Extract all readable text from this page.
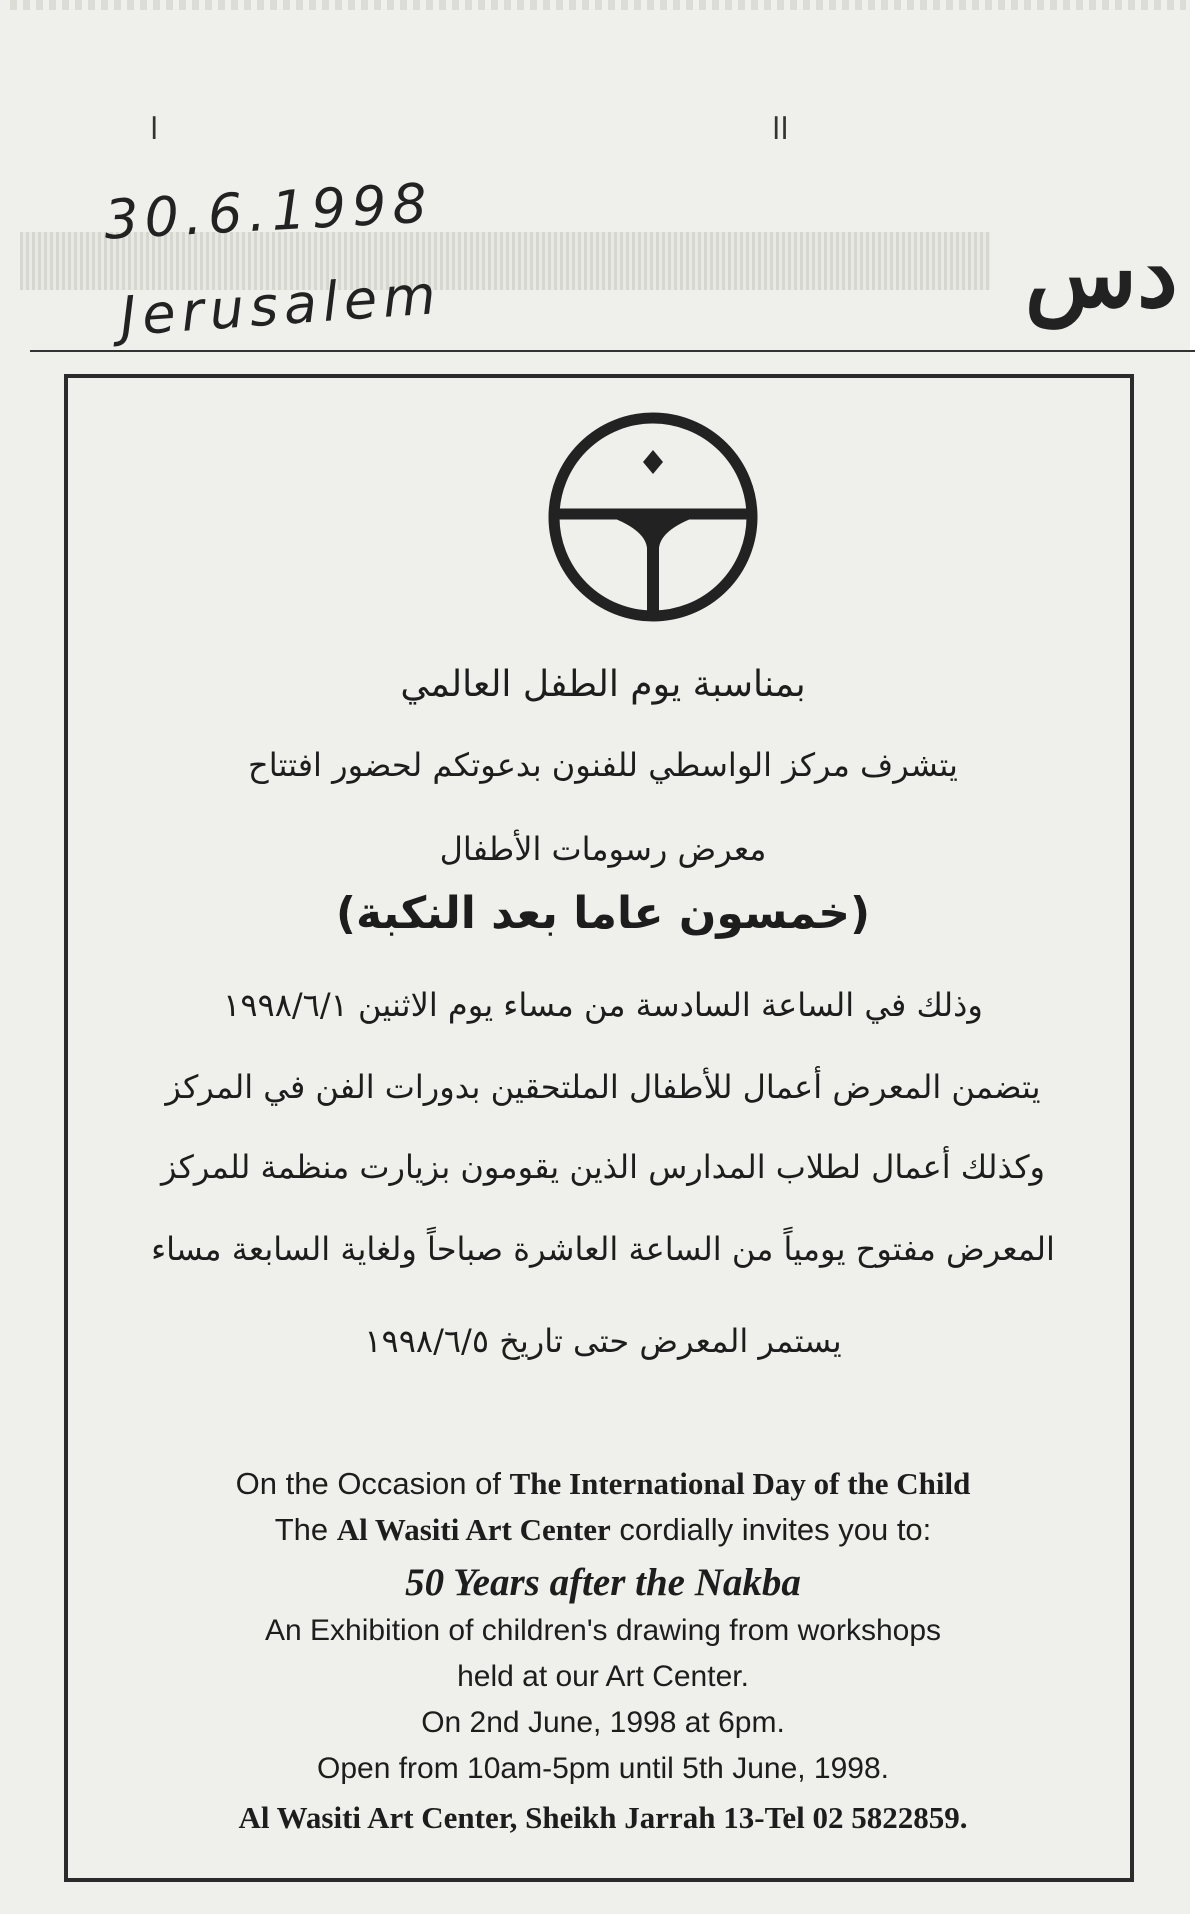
دس
ا	اا
30.6.1998
Jerusalem
بمناسبة يوم الطفل العالمي
يتشرف مركز الواسطي للفنون بدعوتكم لحضور افتتاح
معرض رسومات الأطفال
(خمسون عاما بعد النكبة)
وذلك في الساعة السادسة من مساء يوم الاثنين ١٩٩٨/٦/١
يتضمن المعرض أعمال للأطفال الملتحقين بدورات الفن في المركز
وكذلك أعمال لطلاب المدارس الذين يقومون بزيارت منظمة للمركز
المعرض مفتوح يومياً من الساعة العاشرة صباحاً ولغاية السابعة مساء
يستمر المعرض حتى تاريخ ١٩٩٨/٦/٥
On the Occasion of The International Day of the Child
The Al Wasiti Art Center cordially invites you to:
50 Years after the Nakba
An Exhibition of children's drawing from workshops
held at our Art Center.
On 2nd June, 1998 at 6pm.
Open from 10am-5pm until 5th June, 1998.
Al Wasiti Art Center, Sheikh Jarrah 13-Tel 02 5822859.
